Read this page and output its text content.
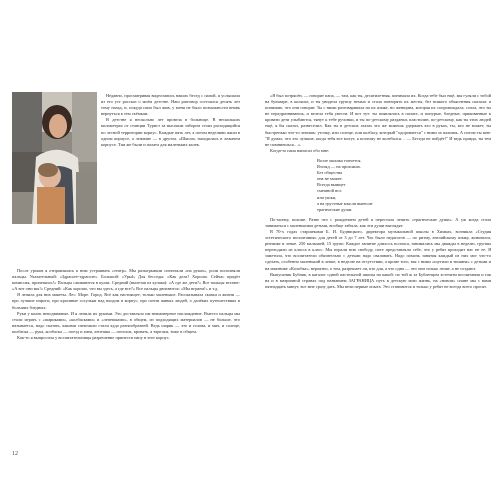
Недавно, просматривая видеозапись наших бесед с папой, я услышала из его уст рассказ о моём детстве. Наш разговор состоялся десять лет тому назад, и, покуда папа был жив, у меня не было возможности вновь вернуться к тем съёмкам.

В детстве я нескольно лет провела в больнице. В нескольких километрах от станции Турист за высоким забором стоял расходящийся по лесной территории корпус. Каждые пять лет, а потом неделями жили в одном корпусе, а лежачие — в другом. «Школа» находилась в лежачем корпусе. Там же были и палата для маленьких калек.

После уроков я отправлялась к ним устраивать «театр». Мы разыгрывали спектакли «на руках», роли исполняли пальцы. Указательный: «Здрасьте-здрасьте». Большой: «Урыl» Для бесседы: «Как дела? Хорошо. Сейчас придёт комиссия, причешись!» Пальцы сжимаются в кулак. Средний (вылезая из кулака): «А где же дети?» Все пальцы встают: «А вот они мы!» Средний: «Как хорошо, что вы здесь, а где все?» Все пальцы двигаются: «Мы играем!» и т.д.

Я лепила для них макеты. Лес. Море. Город. Всё как настоящее, только маленькое. Рассказывала сказки и жизни — про лучшие пироги, про красивые сосульки над входом в корпус, про почти живых людей, о далёких путешествиях в больших бледных.

Руки у калек неподвижные. И я лепила их руками. Это доставляло им неимоверное наслаждение. Вместо пальцы мы стали играть с «шариками», «колбасками» и «лепешками», в общем, из подходящих материалов — не больше, что называется, надо сказать, какими спектакли стали куда разнообразней. Ведь шарик — это и голова, и мяч, и солнце, колбаска — рука, колбаска — поезд и змея, лепешка — потолок, кровать, а тарелки, тоже в общем.

Как-то я выпросила у воспитательницы разрешение принести папу в этот корпус.

12

«Я был потрясён, — говорит папа, — там, как ты, десятилетняя, понимала их. Когда тебе был ещё, мы гуляли с тобой на бульваре, в коляске, и ты увидела группу немых и стала повторять их жесты, без всякого объяснения сказала: я понимаю, что они говорят. Ты с ними разговаривала на их языке, но женщина, которая их сопровождала, сочла, что ты не передразниваешь, и велела тебя увести. И вот тут: ты появлялась в палате, и понурые, бледные, прикованные к кровати дети улыбаются, тянут к тебе ручонки, и ты по-детскому раздаешь пластилин, по-детскому, как ты этих людей ещё, я бы сказал, развеселил. Как ты в детских глазах это же можешь удержать кто в руках, ты, кто не может, ты быстренько что-то лепишь: уточку, или солнце, или колбасу, который "одоровается" с ними за пальчик. А потом ты мне: "Я думал, что это лучшие, когда тебя все могут, я поэтому не колебался… — Беседа не пойдёт!" И ведь правда, ты тем не помниешься…».

Когда-то папа написал обо мне:

Возле окошка топчется.
Взгляд — на прохожих.
Без общества
она не может.
Всегда выищет
смешной нос
или ушки,
а на грустные мысли вынесит
трагические души.

По-моему, похоже. Разве что с рождением детей я перестала лепить «трагические души». А уж когда стала заниматься с маленькими детьми, вообще забыла, как эти души выглядят.

В 70-х годах старшеками Б. И. Будницкого, директора музыкальной школы в Химках, возникла «Студия эстетического воспитания» для детей от 3 до 7 лет. Час было педагогов — по ритму, английскому языку, живописи, ритмике и лепке. 250 малышей, 15 групп. Каждое занятие длилось полчаса, занимались мы дважды в неделю, группы переходили из класса в класс. Мы играли всю свободу, поте представляли себе, что у ребят проходит нас не ее. Я заметила, что воспитатели обязательно с детьми надо сваливать. Надо помочь занятия каждый из них мог что-то сделать, особенно маленький в лепке, в неделю на отсутствии, а кроме того, мы с ними «шутили в тишина» с детьми и на маятнике «Колобка», вероятно, о том, разрешает ли, кто для, а что одна — что они только лепят, а не создают.

Выпускник Бубняк, в каталог одной пастельной школы на какой: по той ж за Бубленцом эстетизм воспитания и так на и в матричной странах под названием ЗАГРАНИЦА путь в детскую мою жизнь, на «новом» плане мы с вами пятнадцать минут, все мне сразу дать. Мы вели первые опыта. Это становится и только у ребят не всегда всего просят.
